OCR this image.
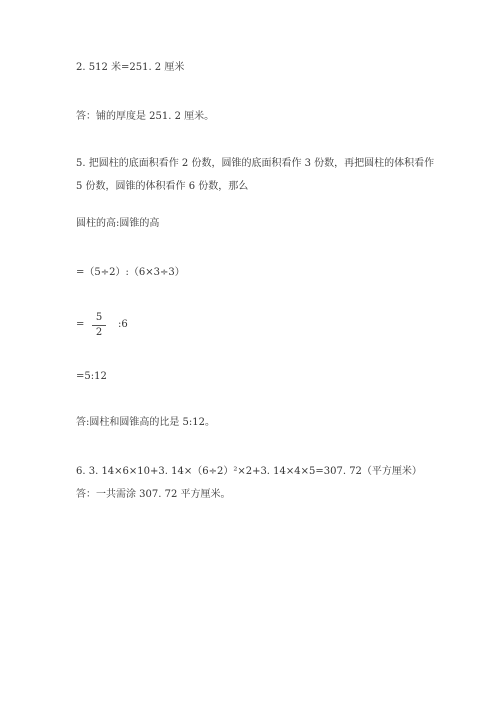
2. 512 米=251. 2 厘米
答：铺的厚度是 251. 2 厘米。
5. 把圆柱的底面积看作 2 份数，圆锥的底面积看作 3 份数，再把圆柱的体积看作
5 份数，圆锥的体积看作 6 份数，那么
圆柱的高:圆锥的高
=（5÷2）:（6×3÷3）
=
5
2
:6
=5:12
答:圆柱和圆锥高的比是 5:12。
6. 3. 14×6×10+3. 14×（6÷2）²×2+3. 14×4×5=307. 72（平方厘米）
答：一共需涂 307. 72 平方厘米。
